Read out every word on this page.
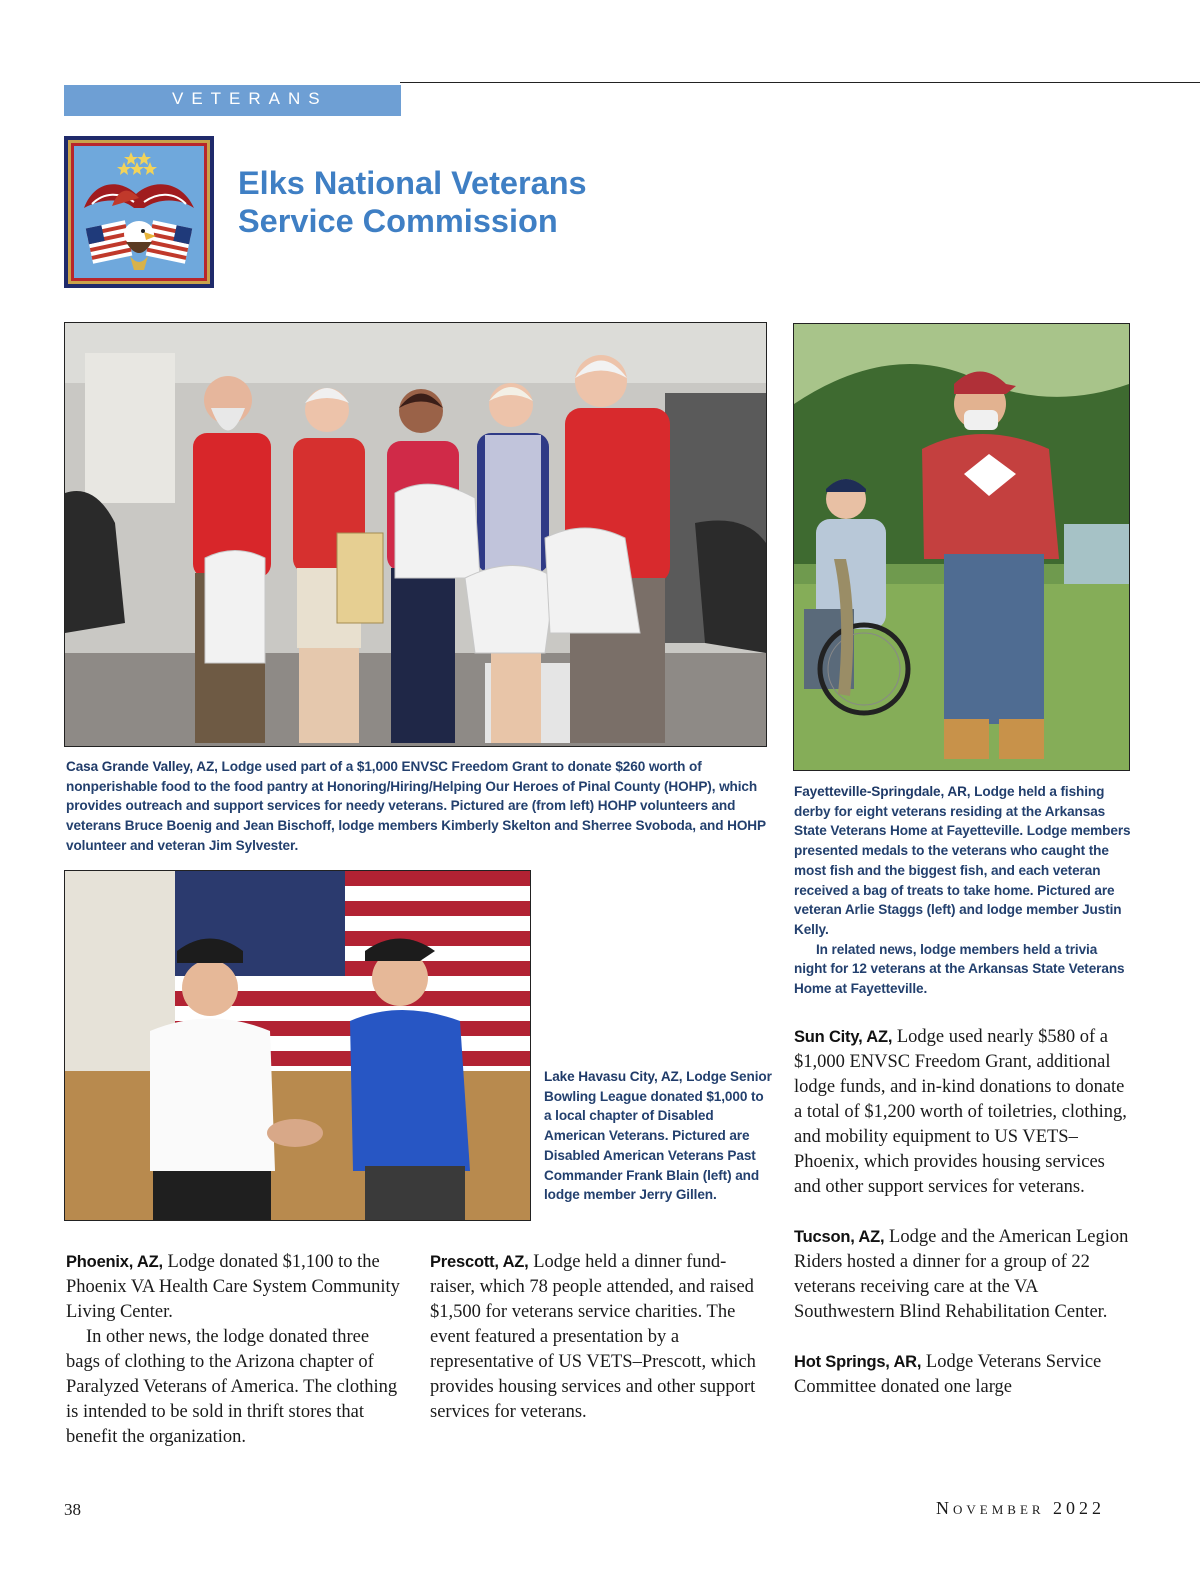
VETERANS
Elks National Veterans
Service Commission

Casa Grande Valley, AZ, Lodge used part of a $1,000 ENVSC Freedom Grant to donate $260 worth of nonperishable food to the food pantry at Honoring/Hiring/Helping Our Heroes of Pinal County (HOHP), which provides outreach and support services for needy veterans. Pictured are (from left) HOHP volunteers and veterans Bruce Boenig and Jean Bischoff, lodge members Kimberly Skelton and Sherree Svoboda, and HOHP volunteer and veteran Jim Sylvester.

Fayetteville-Springdale, AR, Lodge held a fishing derby for eight veterans residing at the Arkansas State Veterans Home at Fayetteville. Lodge members presented medals to the veterans who caught the most fish and the biggest fish, and each veteran received a bag of treats to take home. Pictured are veteran Arlie Staggs (left) and lodge member Justin Kelly.

In related news, lodge members held a trivia night for 12 veterans at the Arkansas State Veterans Home at Fayetteville.

Lake Havasu City, AZ, Lodge Senior Bowling League donated $1,000 to a local chapter of Disabled American Veterans. Pictured are Disabled American Veterans Past Commander Frank Blain (left) and lodge member Jerry Gillen.

Sun City, AZ, Lodge used nearly $580 of a $1,000 ENVSC Freedom Grant, additional lodge funds, and in-kind donations to donate a total of $1,200 worth of toiletries, clothing, and mobility equipment to US VETS–Phoenix, which provides housing services and other support services for veterans.

Tucson, AZ, Lodge and the American Legion Riders hosted a dinner for a group of 22 veterans receiving care at the VA Southwestern Blind Rehabilitation Center.

Hot Springs, AR, Lodge Veterans Service Committee donated one large

Phoenix, AZ, Lodge donated $1,100 to the Phoenix VA Health Care System Community Living Center.

In other news, the lodge donated three bags of clothing to the Arizona chapter of Paralyzed Veterans of America. The clothing is intended to be sold in thrift stores that benefit the organization.

Prescott, AZ, Lodge held a dinner fund-raiser, which 78 people attended, and raised $1,500 for veterans service charities. The event featured a presentation by a representative of US VETS–Prescott, which provides housing services and other support services for veterans.

38	November 2022
